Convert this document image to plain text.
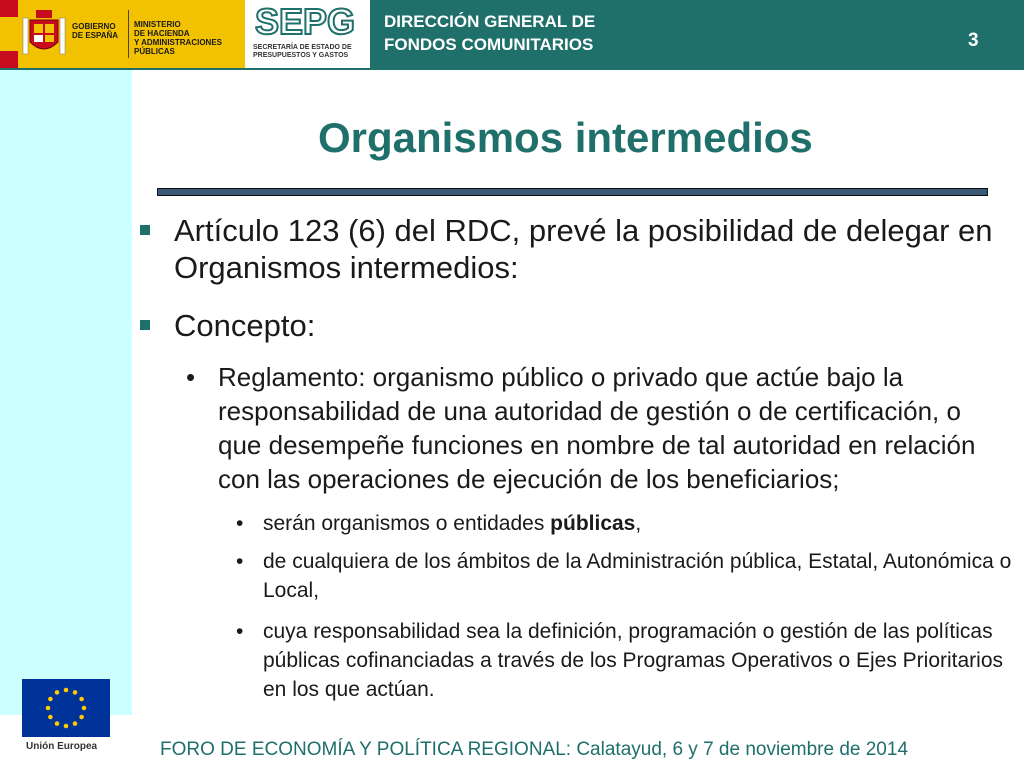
GOBIERNO
DE ESPAÑA
MINISTERIO
DE HACIENDA
Y ADMINISTRACIONES PÚBLICAS
SEPG
SECRETARÍA DE ESTADO DE
PRESUPUESTOS Y GASTOS
DIRECCIÓN GENERAL DE
FONDOS COMUNITARIOS	3
Unión Europea
Organismos intermedios
Artículo 123 (6) del RDC, prevé la posibilidad de delegar en Organismos intermedios:
Concepto:
• Reglamento: organismo público o privado que actúe bajo la responsabilidad de una autoridad de gestión o de certificación, o que desempeñe funciones en nombre de tal autoridad en relación con las operaciones de ejecución de los beneficiarios;
• serán organismos o entidades públicas,
• de cualquiera de los ámbitos de la Administración pública, Estatal, Autonómica o Local,
• cuya responsabilidad sea la definición, programación o gestión de las políticas públicas cofinanciadas a través de los Programas Operativos o Ejes Prioritarios en los que actúan.
FORO DE ECONOMÍA Y POLÍTICA REGIONAL: Calatayud, 6 y 7 de noviembre de 2014
